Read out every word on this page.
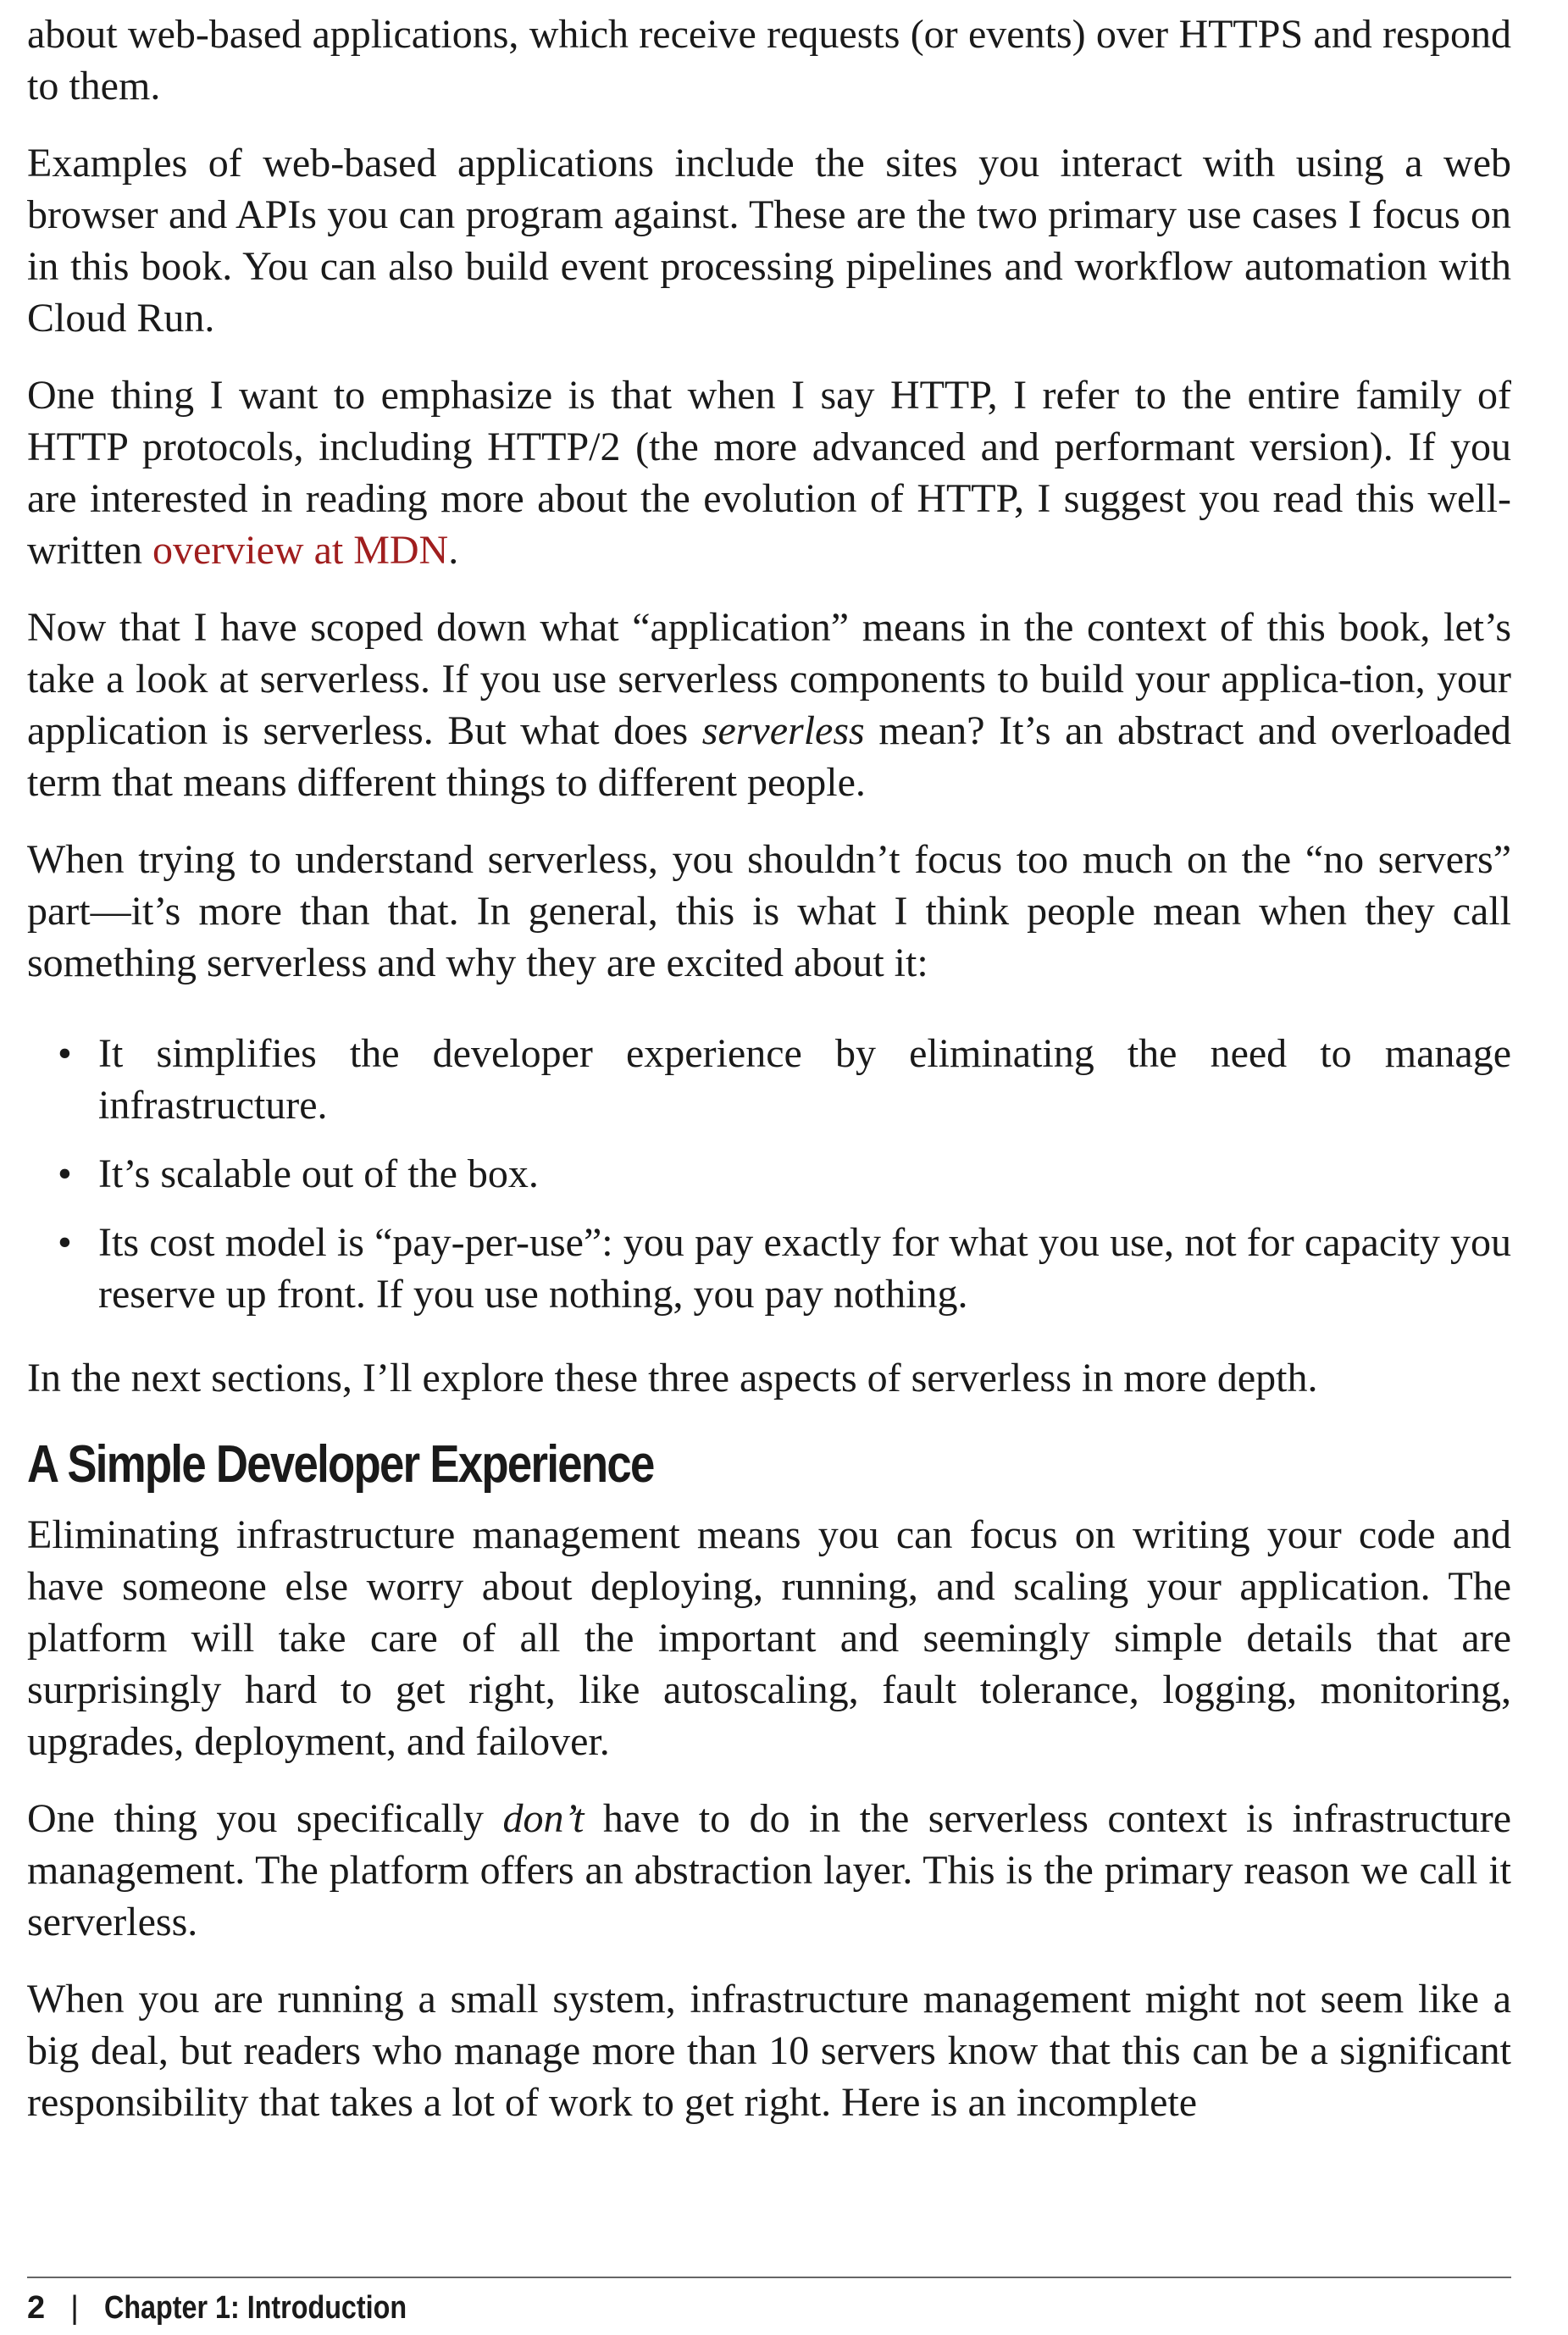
about web-based applications, which receive requests (or events) over HTTPS and respond to them.

Examples of web-based applications include the sites you interact with using a web browser and APIs you can program against. These are the two primary use cases I focus on in this book. You can also build event processing pipelines and workflow automation with Cloud Run.

One thing I want to emphasize is that when I say HTTP, I refer to the entire family of HTTP protocols, including HTTP/2 (the more advanced and performant version). If you are interested in reading more about the evolution of HTTP, I suggest you read this well-written overview at MDN.

Now that I have scoped down what “application” means in the context of this book, let’s take a look at serverless. If you use serverless components to build your applica-tion, your application is serverless. But what does serverless mean? It’s an abstract and overloaded term that means different things to different people.

When trying to understand serverless, you shouldn’t focus too much on the “no servers” part—it’s more than that. In general, this is what I think people mean when they call something serverless and why they are excited about it:

• It simplifies the developer experience by eliminating the need to manage infrastructure.
• It’s scalable out of the box.
• Its cost model is “pay-per-use”: you pay exactly for what you use, not for capacity you reserve up front. If you use nothing, you pay nothing.

In the next sections, I’ll explore these three aspects of serverless in more depth.

A Simple Developer Experience

Eliminating infrastructure management means you can focus on writing your code and have someone else worry about deploying, running, and scaling your application. The platform will take care of all the important and seemingly simple details that are surprisingly hard to get right, like autoscaling, fault tolerance, logging, monitoring, upgrades, deployment, and failover.

One thing you specifically don’t have to do in the serverless context is infrastructure management. The platform offers an abstraction layer. This is the primary reason we call it serverless.

When you are running a small system, infrastructure management might not seem like a big deal, but readers who manage more than 10 servers know that this can be a significant responsibility that takes a lot of work to get right. Here is an incomplete

2 | Chapter 1: Introduction
